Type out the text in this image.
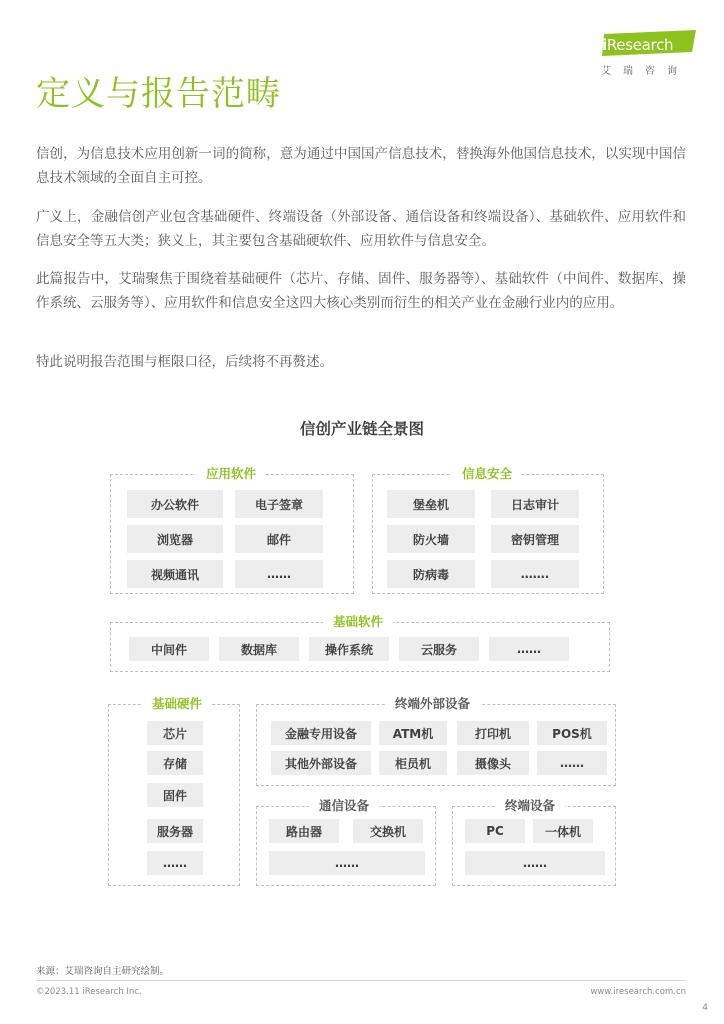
iResearch
艾瑞咨询
定义与报告范畴

信创，为信息技术应用创新一词的简称，意为通过中国国产信息技术，替换海外他国信息技术，以实现中国信息技术领域的全面自主可控。

广义上，金融信创产业包含基础硬件、终端设备（外部设备、通信设备和终端设备）、基础软件、应用软件和信息安全等五大类；狭义上，其主要包含基础硬软件、应用软件与信息安全。

此篇报告中，艾瑞聚焦于围绕着基础硬件（芯片、存储、固件、服务器等）、基础软件（中间件、数据库、操作系统、云服务等）、应用软件和信息安全这四大核心类别而衍生的相关产业在金融行业内的应用。

特此说明报告范围与框限口径，后续将不再赘述。

信创产业链全景图
应用软件
办公软件	电子签章
浏览器	邮件
视频通讯	……
信息安全
堡垒机	日志审计
防火墙	密钥管理
防病毒	…….
基础软件
中间件	数据库	操作系统	云服务	……
基础硬件
芯片
存储
固件
服务器
……
终端外部设备
金融专用设备	ATM机	打印机	POS机
其他外部设备	柜员机	摄像头	……
通信设备
路由器	交换机
……
终端设备
PC	一体机
……
来源：艾瑞咨询自主研究绘制。
©2023.11 iResearch Inc.	www.iresearch.com.cn
4
